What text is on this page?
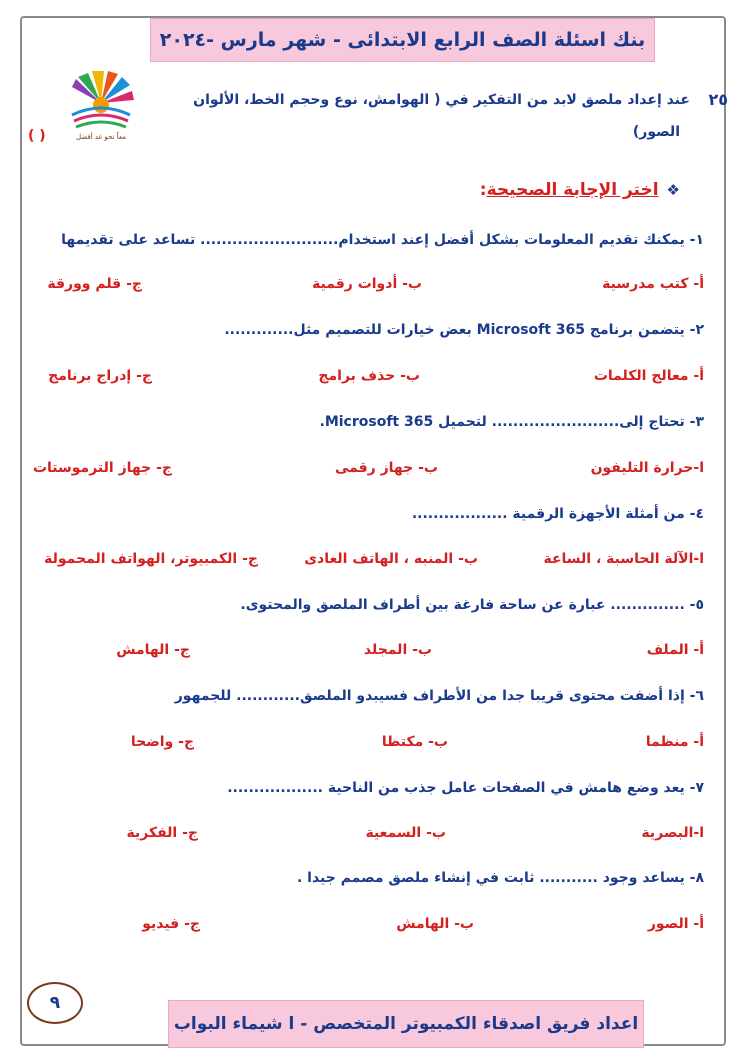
بنك اسئلة الصف الرابع الابتدائى - شهر مارس -٢٠٢٤
معاً نحو غد أفضل
٢٥
عند إعداد ملصق لابد من التفكير في ( الهوامش، نوع وحجم الخط، الألوان
الصور)
( )
❖اختر الإجابة الصحيحة:
١- يمكنك تقديم المعلومات بشكل أفضل إعند استخدام.......................... تساعد على تقديمها
أ- كتب مدرسية
ب- أدوات رقمية
ج- قلم وورقة
٢- يتضمن برنامج Microsoft 365 بعض خيارات للتصميم مثل.............
أ- معالج الكلمات
ب- حذف برامج
ج- إدراج برنامج
٣- تحتاج إلى........................ لتحميل Microsoft 365.
ا-حرارة التليفون
ب- جهاز رقمى
ج- جهاز الترموستات
٤- من أمثلة الأجهزة الرقمية ..................
ا-الآلة الحاسبة ، الساعة
ب- المنبه ، الهاتف العادى
ج- الكمبيوتر، الهواتف المحمولة
٥- .............. عبارة عن ساحة فارغة بين أطراف الملصق والمحتوى.
أ- الملف
ب- المجلد
ج- الهامش
٦- إذا أضفت محتوى قريبا جدا من الأطراف فسيبدو الملصق............ للجمهور
أ- منظما
ب- مكتظا
ج- واضحا
٧- يعد وضع هامش في الصفحات عامل جذب من الناحية ..................
ا-البصرية
ب- السمعية
ج- الفكرية
٨- يساعد وجود ........... ثابت في إنشاء ملصق مصمم جيدا .
أ- الصور
ب- الهامش
ج- فيديو
٩
اعداد فريق اصدقاء الكمبيوتر المتخصص - ا شيماء البواب
